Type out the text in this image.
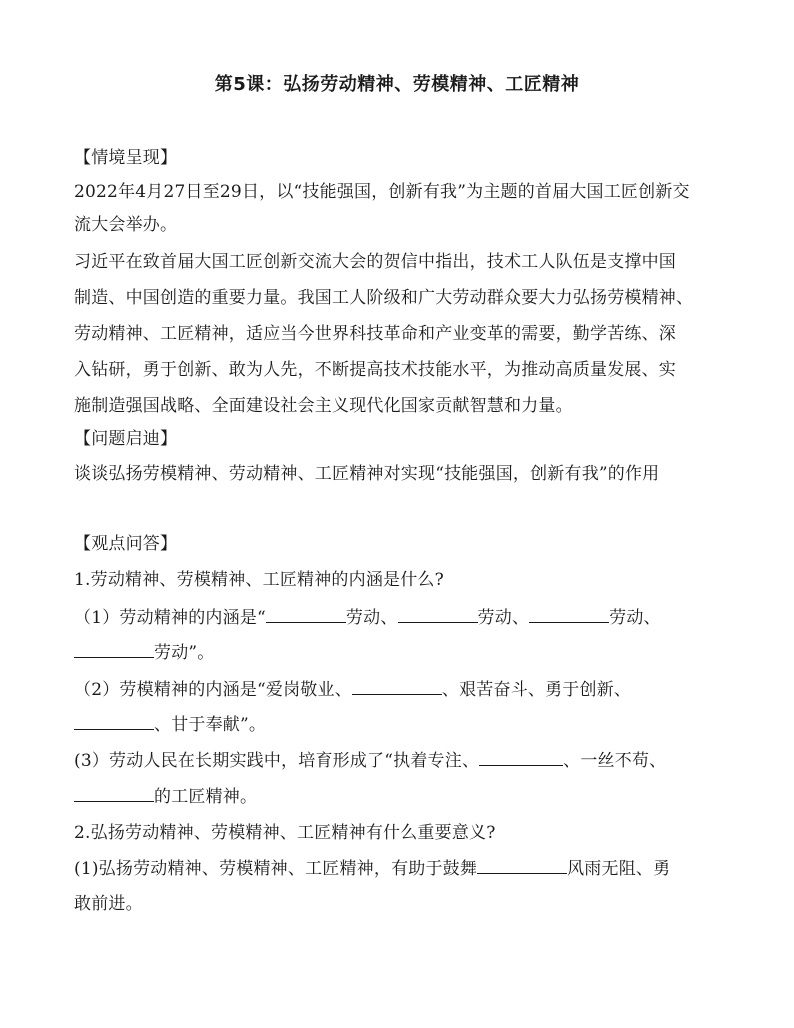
第5课：弘扬劳动精神、劳模精神、工匠精神
【情境呈现】
2022年4月27日至29日，以“技能强国，创新有我”为主题的首届大国工匠创新交
流大会举办。
习近平在致首届大国工匠创新交流大会的贺信中指出，技术工人队伍是支撑中国
制造、中国创造的重要力量。我国工人阶级和广大劳动群众要大力弘扬劳模精神、
劳动精神、工匠精神，适应当今世界科技革命和产业变革的需要，勤学苦练、深
入钻研，勇于创新、敢为人先，不断提高技术技能水平，为推动高质量发展、实
施制造强国战略、全面建设社会主义现代化国家贡献智慧和力量。
【问题启迪】
谈谈弘扬劳模精神、劳动精神、工匠精神对实现“技能强国，创新有我”的作用
【观点问答】
1.劳动精神、劳模精神、工匠精神的内涵是什么?
（1）劳动精神的内涵是“	劳动、	劳动、	劳动、
劳动”。
（2）劳模精神的内涵是“爱岗敬业、	、艰苦奋斗、勇于创新、
、甘于奉献”。
(3）劳动人民在长期实践中，培育形成了“执着专注、	、一丝不苟、
的工匠精神。
2.弘扬劳动精神、劳模精神、工匠精神有什么重要意义?
(1)弘扬劳动精神、劳模精神、工匠精神，有助于鼓舞	风雨无阻、勇
敢前进。
